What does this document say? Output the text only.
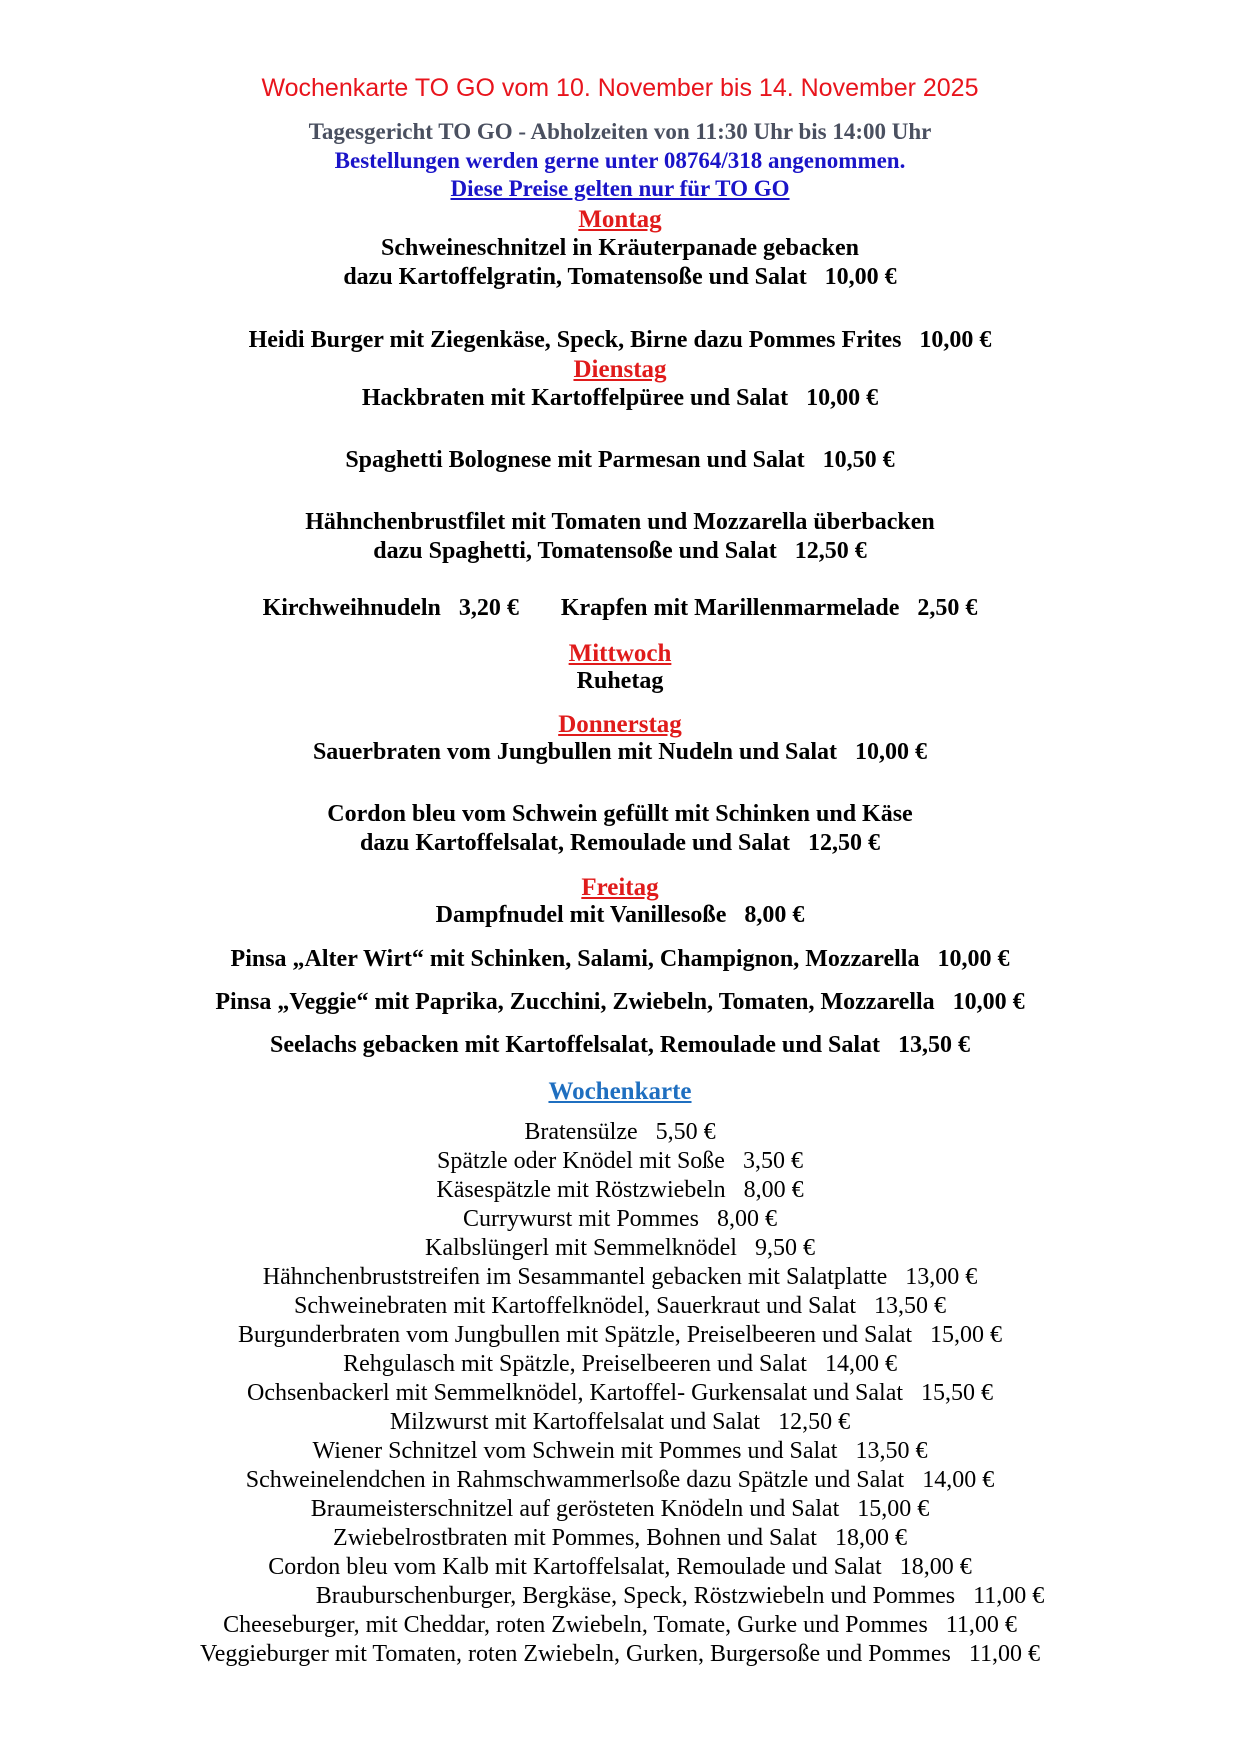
Wochenkarte TO GO vom 10. November bis 14. November 2025

Tagesgericht TO GO - Abholzeiten von 11:30 Uhr bis 14:00 Uhr

Bestellungen werden gerne unter 08764/318 angenommen.

Diese Preise gelten nur für TO GO

Montag

Schweineschnitzel in Kräuterpanade gebacken

dazu Kartoffelgratin, Tomatensoße und Salat   10,00 €

Heidi Burger mit Ziegenkäse, Speck, Birne dazu Pommes Frites   10,00 €

Dienstag

Hackbraten mit Kartoffelpüree und Salat   10,00 €

Spaghetti Bolognese mit Parmesan und Salat   10,50 €

Hähnchenbrustfilet mit Tomaten und Mozzarella überbacken

dazu Spaghetti, Tomatensoße und Salat   12,50 €

Kirchweihnudeln   3,20 €       Krapfen mit Marillenmarmelade   2,50 €

Mittwoch

Ruhetag

Donnerstag

Sauerbraten vom Jungbullen mit Nudeln und Salat   10,00 €

Cordon bleu vom Schwein gefüllt mit Schinken und Käse

dazu Kartoffelsalat, Remoulade und Salat   12,50 €

Freitag

Dampfnudel mit Vanillesoße   8,00 €

Pinsa „Alter Wirt“ mit Schinken, Salami, Champignon, Mozzarella   10,00 €

Pinsa „Veggie“ mit Paprika, Zucchini, Zwiebeln, Tomaten, Mozzarella   10,00 €

Seelachs gebacken mit Kartoffelsalat, Remoulade und Salat   13,50 €

Wochenkarte

Bratensülze   5,50 €

Spätzle oder Knödel mit Soße   3,50 €

Käsespätzle mit Röstzwiebeln   8,00 €

Currywurst mit Pommes   8,00 €

Kalbslüngerl mit Semmelknödel   9,50 €

Hähnchenbruststreifen im Sesammantel gebacken mit Salatplatte   13,00 €

Schweinebraten mit Kartoffelknödel, Sauerkraut und Salat   13,50 €

Burgunderbraten vom Jungbullen mit Spätzle, Preiselbeeren und Salat   15,00 €

Rehgulasch mit Spätzle, Preiselbeeren und Salat   14,00 €

Ochsenbackerl mit Semmelknödel, Kartoffel- Gurkensalat und Salat   15,50 €

Milzwurst mit Kartoffelsalat und Salat   12,50 €

Wiener Schnitzel vom Schwein mit Pommes und Salat   13,50 €

Schweinelendchen in Rahmschwammerlsoße dazu Spätzle und Salat   14,00 €

Braumeisterschnitzel auf gerösteten Knödeln und Salat   15,00 €

Zwiebelrostbraten mit Pommes, Bohnen und Salat   18,00 €

Cordon bleu vom Kalb mit Kartoffelsalat, Remoulade und Salat   18,00 €

Brauburschenburger, Bergkäse, Speck, Röstzwiebeln und Pommes   11,00 €

Cheeseburger, mit Cheddar, roten Zwiebeln, Tomate, Gurke und Pommes   11,00 €

Veggieburger mit Tomaten, roten Zwiebeln, Gurken, Burgersoße und Pommes   11,00 €
